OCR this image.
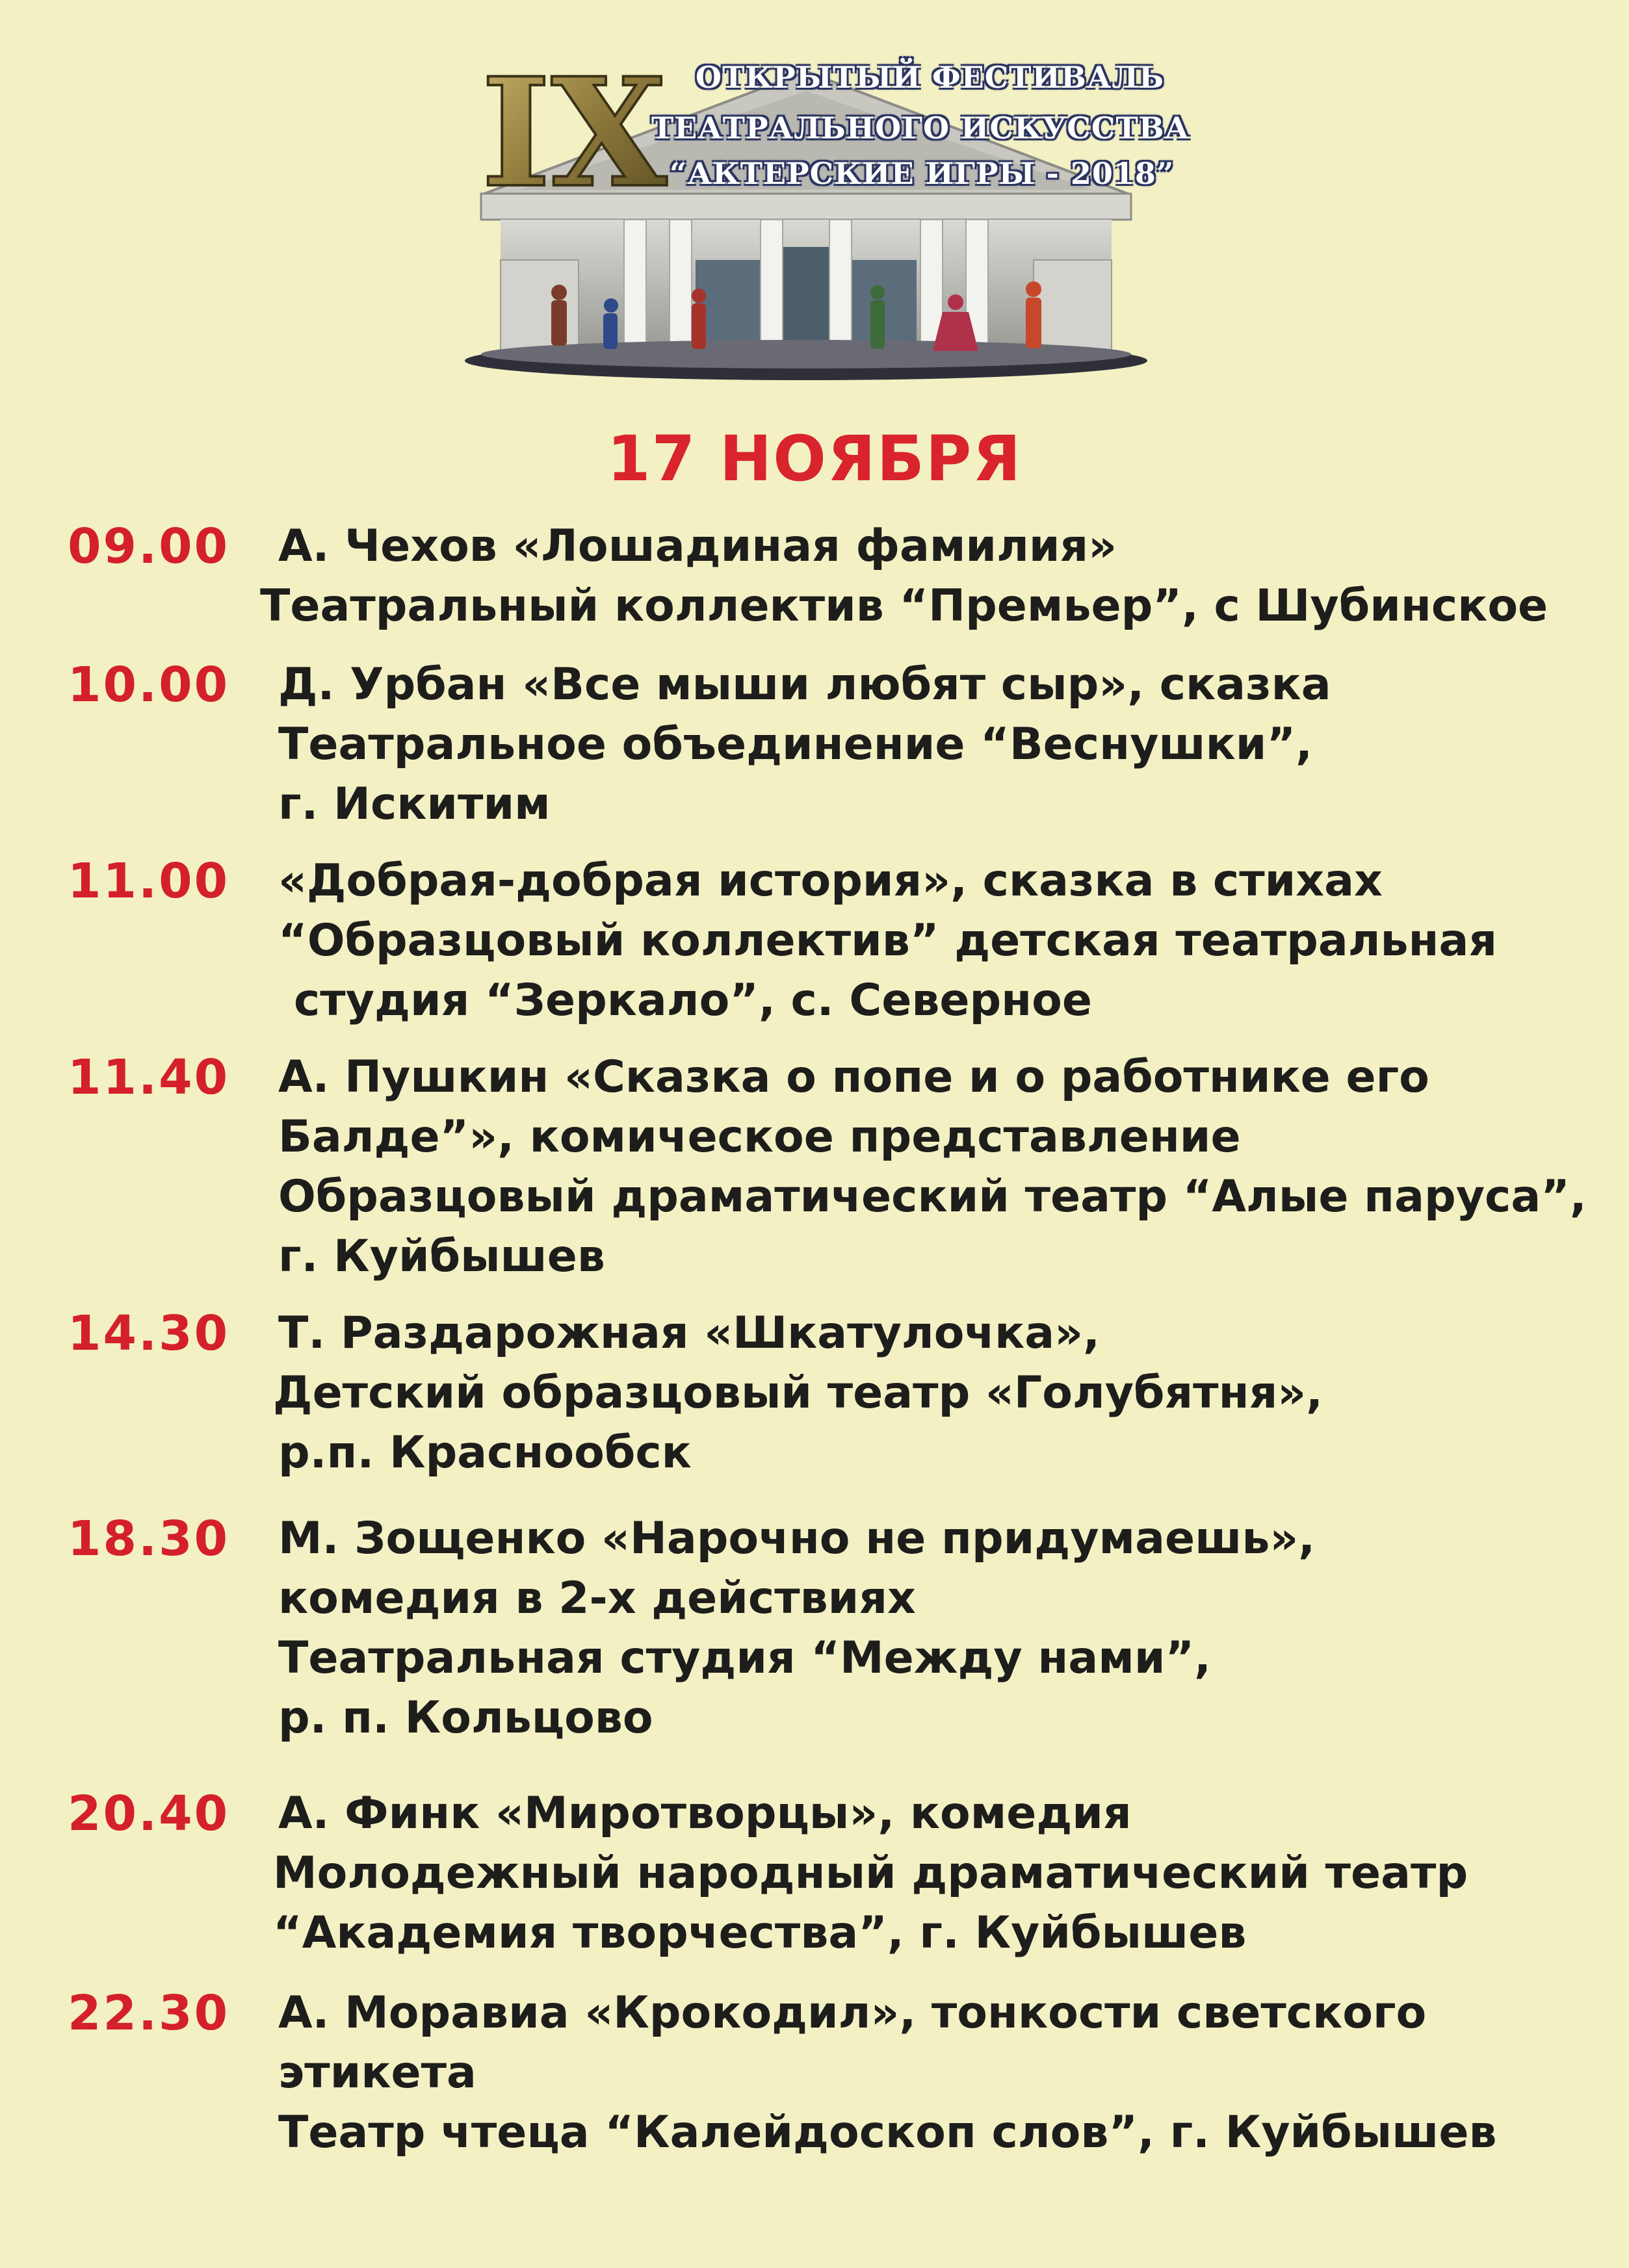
IX ОТКРЫТЫЙ ФЕСТИВАЛЬ
ТЕАТРАЛЬНОГО ИСКУССТВА
“АКТЕРСКИЕ ИГРЫ - 2018”
17 НОЯБРЯ
09.00 А. Чехов «Лошадиная фамилия»
Театральный коллектив “Премьер”, с Шубинское
10.00 Д. Урбан «Все мыши любят сыр», сказка
Театральное объединение “Веснушки”,
г. Искитим
11.00 «Добрая-добрая история», сказка в стихах
“Образцовый коллектив” детская театральная
студия “Зеркало”, с. Северное
11.40 А. Пушкин «Сказка о попе и о работнике его
Балде”», комическое представление
Образцовый драматический театр “Алые паруса”,
г. Куйбышев
14.30 Т. Раздарожная «Шкатулочка»,
Детский образцовый театр «Голубятня»,
р.п. Краснообск
18.30 М. Зощенко «Нарочно не придумаешь»,
комедия в 2-х действиях
Театральная студия “Между нами”,
р. п. Кольцово
20.40 А. Финк «Миротворцы», комедия
Молодежный народный драматический театр
“Академия творчества”, г. Куйбышев
22.30 А. Моравиа «Крокодил», тонкости светского
этикета
Театр чтеца “Калейдоскоп слов”, г. Куйбышев
